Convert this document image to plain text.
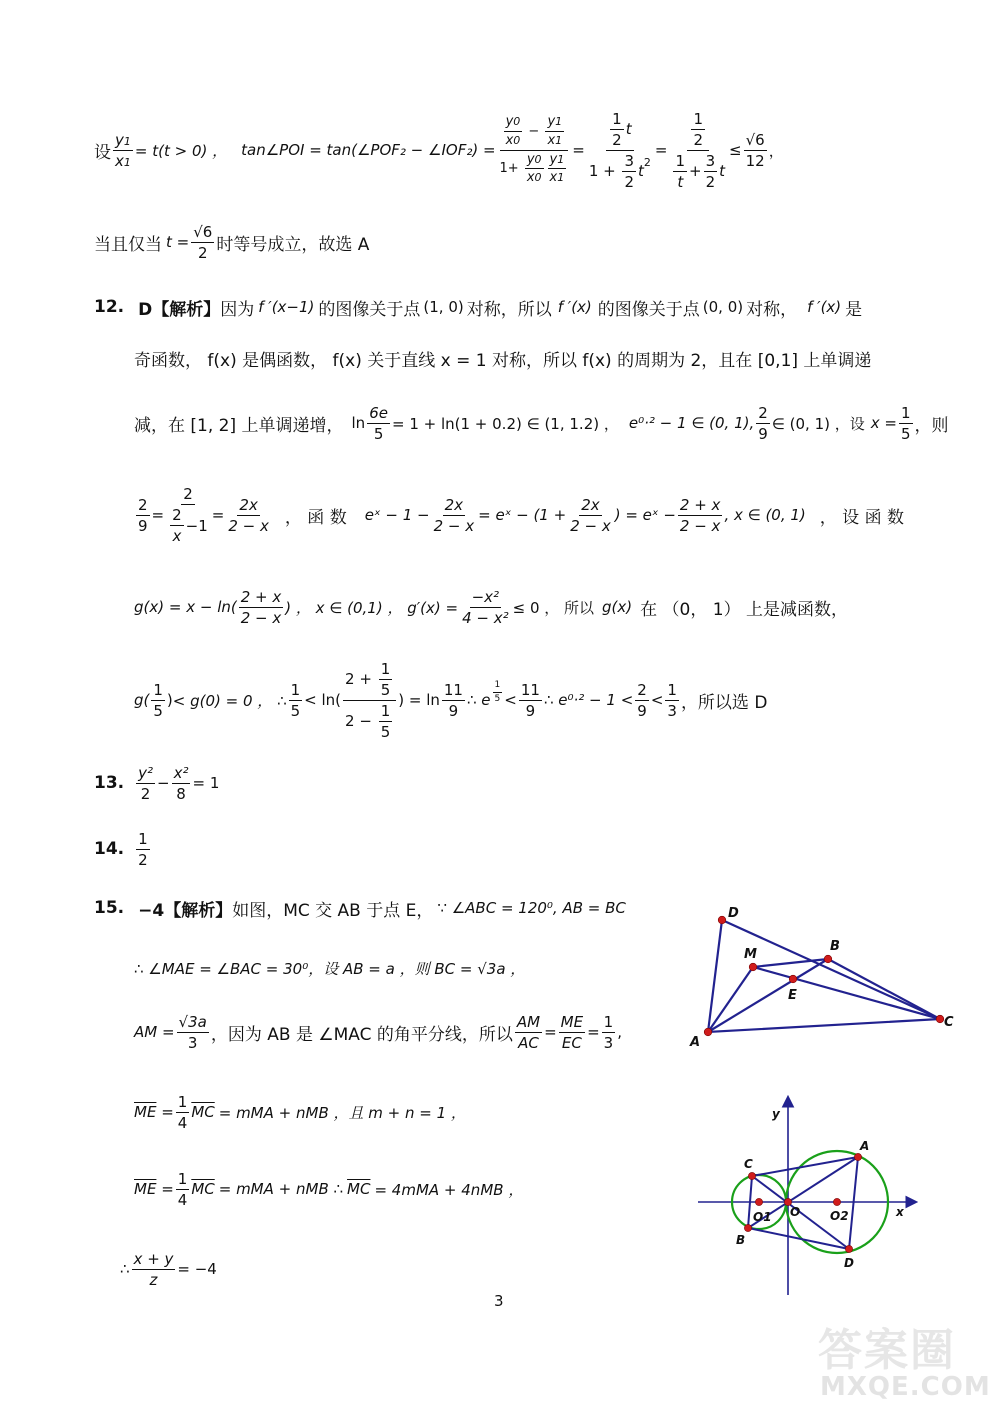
设 $\frac{y1}{x1} = t(t > 0)$ ， tan∠POI = tan(∠POF₂ − ∠IOF₂) = $\frac{\frac{y0}{x0} - \frac{y1}{x1}}{1+ \frac{y0}{x0} \frac{y1}{x1}} = \frac{\frac{1}{2} t}{1 + \frac{3}{2} t 2} = \frac{\frac{1}{2}}{\frac{1}{t} + \frac{3}{2} t} \le \frac{√6}{12}$ ，
当且仅当 $t = \frac{√6}{2}$ 时等号成立，故选 A
12. D【解析】 因为 f ′(x−1) 的图像关于点 (1, 0) 对称，所以 f ′(x) 的图像关于点 (0, 0) 对称， f ′(x) 是
奇函数， f(x) 是偶函数， f(x) 关于直线 x = 1 对称，所以 f(x) 的周期为 2，且在 [0,1] 上单调递
减，在 [1, 2] 上单调递增， $\ln \frac{6e}{5} = 1 + \ln(1 + 0.2)$ ∈ (1, 1.2) ， e⁰·² − 1 ∈ (0, 1), $\frac{2}{9}$ ∈ (0, 1) ，设 $x = \frac{1}{5}$ ，则
$\frac{2}{9} = \frac{2}{\frac{2}{x} -1} = \frac{2x}{2 - x}$ ， 函 数 eˣ − $1 - \frac{2x}{2 - x}$ = eˣ − ($1 + \frac{2x}{2 - x}$ ) = eˣ − $\frac{2 + x}{2 - x}$ , x ∈ (0, 1) ， 设 函 数
$g(x) = x - \ln( \frac{2 + x}{2 - x}$ ) ， x ∈ (0,1) ， $g'(x) = \frac{\text{−x²}}{\text{4 − x²}} \le 0$ ， 所以 g(x) 在 （0， 1） 上是减函数，
$g( \frac{1}{5}$ ) < g(0) = 0 ， ∴ $\frac{1}{5} < \ln( \frac{2 + \frac{1}{5}}{2 - \frac{1}{5}}$ ) = $\ln \frac{11}{9}$ ∴ e $\frac{1}{5} < \frac{11}{9}$ ∴ $e^0\cdot^2 - 1 < \frac{2}{9} < \frac{1}{3}$ ，所以选 D
13. $\frac{\text{y²}}{2} - \frac{\text{x²}}{8} = 1$
14. $\frac{1}{2}$
15. −4【解析】 如图，MC 交 AB 于点 E， ∵ ∠ABC = 120⁰, AB = BC
∴ ∠MAE = ∠BAC = 30⁰，设 AB = a ，则 BC = √3a ，
AM = $\frac{√3a}{3}$ ，因为 AB 是 ∠MAC 的角平分线，所以 $\frac{AM}{AC} = \frac{ME}{EC} = \frac{1}{3}$ ,
$\overline{ME} = \frac{1}{4} \overline{MC}$ = mMA + nMB ，且 m + n = 1 ，
$\overline{ME} = \frac{1}{4} \overline{MC}$ = mMA + nMB ∴ $\overline{MC} = 4mMA + 4nMB$ ，
∴ $\frac{x + y}{z} = -4$
D
M
B
E
A
C
y
C
A
O1 O O2	x
B
D
3
答案圈
MXQE.COM
